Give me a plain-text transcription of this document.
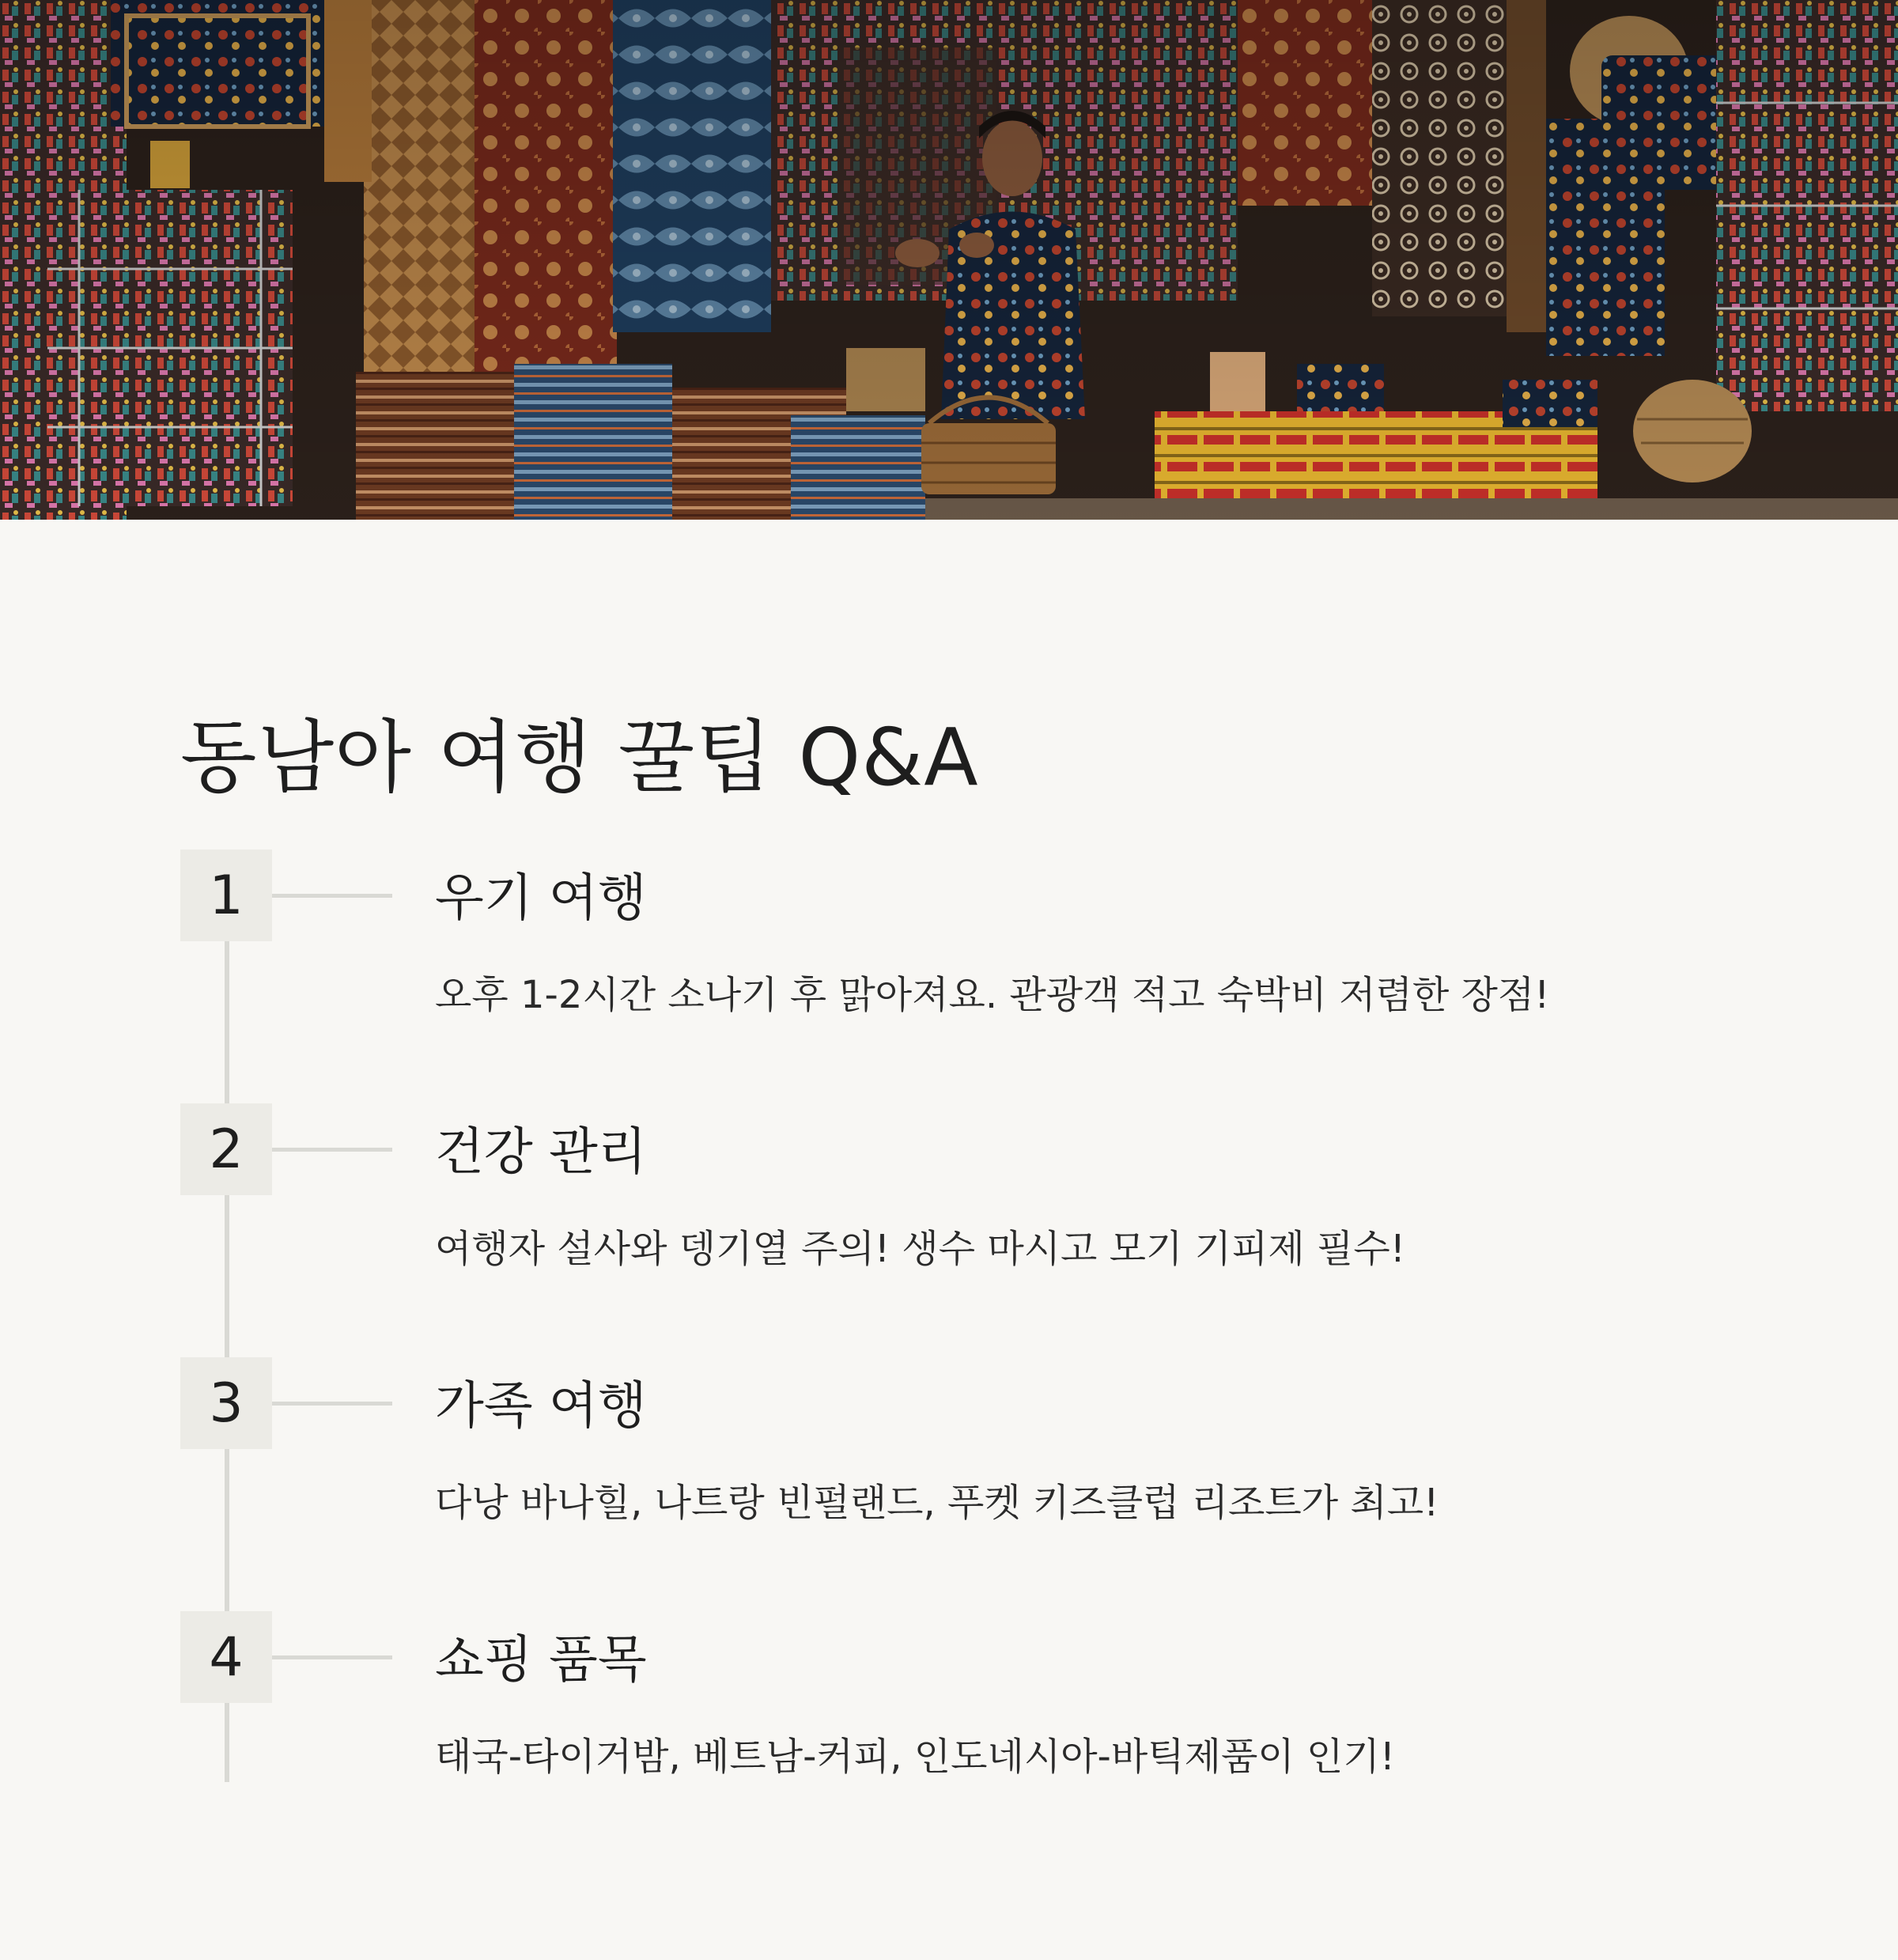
동남아 여행 꿀팁 Q&A
1	우기 여행
오후 1-2시간 소나기 후 맑아져요. 관광객 적고 숙박비 저렴한 장점!
2	건강 관리
여행자 설사와 뎅기열 주의! 생수 마시고 모기 기피제 필수!
3	가족 여행
다낭 바나힐, 나트랑 빈펄랜드, 푸켓 키즈클럽 리조트가 최고!
4	쇼핑 품목
태국-타이거밤, 베트남-커피, 인도네시아-바틱제품이 인기!
